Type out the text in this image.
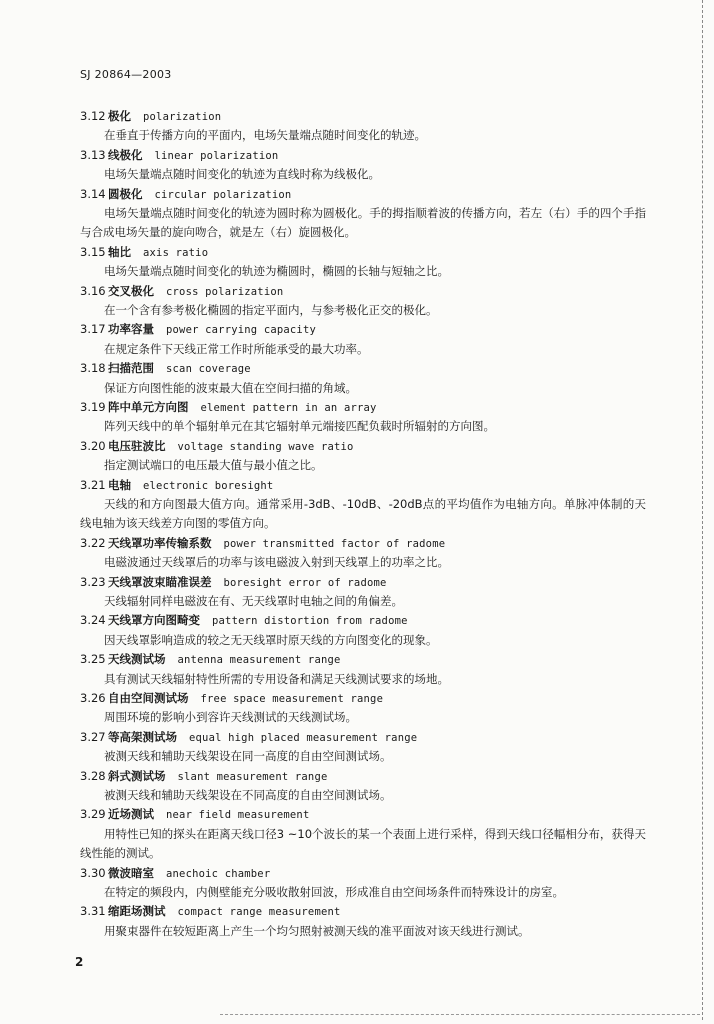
SJ 20864—2003
3.12 极化 polarization

在垂直于传播方向的平面内，电场矢量端点随时间变化的轨迹。

3.13 线极化 linear polarization

电场矢量端点随时间变化的轨迹为直线时称为线极化。

3.14 圆极化 circular polarization

电场矢量端点随时间变化的轨迹为圆时称为圆极化。手的拇指顺着波的传播方向，若左（右）手的四个手指与合成电场矢量的旋向吻合，就是左（右）旋圆极化。

3.15 轴比 axis ratio

电场矢量端点随时间变化的轨迹为椭圆时，椭圆的长轴与短轴之比。

3.16 交叉极化 cross polarization

在一个含有参考极化椭圆的指定平面内，与参考极化正交的极化。

3.17 功率容量 power carrying capacity

在规定条件下天线正常工作时所能承受的最大功率。

3.18 扫描范围 scan coverage

保证方向图性能的波束最大值在空间扫描的角域。

3.19 阵中单元方向图 element pattern in an array

阵列天线中的单个辐射单元在其它辐射单元端接匹配负载时所辐射的方向图。

3.20 电压驻波比 voltage standing wave ratio

指定测试端口的电压最大值与最小值之比。

3.21 电轴 electronic boresight

天线的和方向图最大值方向。通常采用-3dB、-10dB、-20dB点的平均值作为电轴方向。单脉冲体制的天线电轴为该天线差方向图的零值方向。

3.22 天线罩功率传输系数 power transmitted factor of radome

电磁波通过天线罩后的功率与该电磁波入射到天线罩上的功率之比。

3.23 天线罩波束瞄准误差 boresight error of radome

天线辐射同样电磁波在有、无天线罩时电轴之间的角偏差。

3.24 天线罩方向图畸变 pattern distortion from radome

因天线罩影响造成的较之无天线罩时原天线的方向图变化的现象。

3.25 天线测试场 antenna measurement range

具有测试天线辐射特性所需的专用设备和满足天线测试要求的场地。

3.26 自由空间测试场 free space measurement range

周围环境的影响小到容许天线测试的天线测试场。

3.27 等高架测试场 equal high placed measurement range

被测天线和辅助天线架设在同一高度的自由空间测试场。

3.28 斜式测试场 slant measurement range

被测天线和辅助天线架设在不同高度的自由空间测试场。

3.29 近场测试 near field measurement

用特性已知的探头在距离天线口径3 ~10个波长的某一个表面上进行采样，得到天线口径幅相分布，获得天线性能的测试。

3.30 微波暗室 anechoic chamber

在特定的频段内，内侧壁能充分吸收散射回波，形成准自由空间场条件而特殊设计的房室。

3.31 缩距场测试 compact range measurement

用聚束器件在较短距离上产生一个均匀照射被测天线的准平面波对该天线进行测试。

2
